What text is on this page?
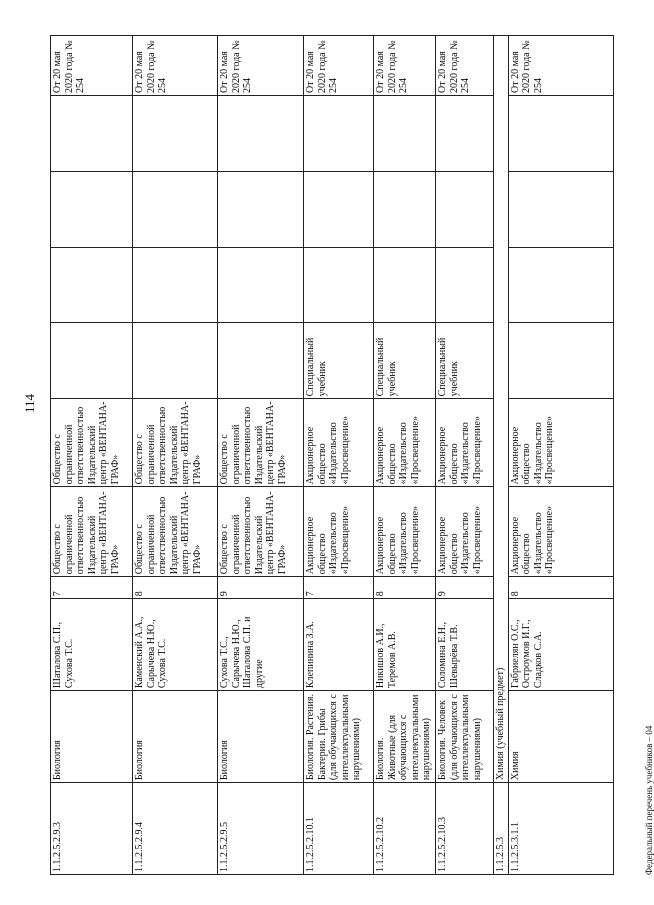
114
1.1.2.5.2.9.3	Биология	Шаталова С.П., Сухова Т.С.	7	Общество с ограниченной ответственностью Издательский центр «ВЕНТАНА-ГРАФ»	Общество с ограниченной ответственностью Издательский центр «ВЕНТАНА-ГРАФ»					От 20 мая 2020 года № 254
1.1.2.5.2.9.4	Биология	Каменский А.А., Сарычева Н.Ю., Сухова Т.С.	8	Общество с ограниченной ответственностью Издательский центр «ВЕНТАНА-ГРАФ»	Общество с ограниченной ответственностью Издательский центр «ВЕНТАНА-ГРАФ»					От 20 мая 2020 года № 254
1.1.2.5.2.9.5	Биология	Сухова Т.С., Сарычева Н.Ю., Шаталова С.П. и другие	9	Общество с ограниченной ответственностью Издательский центр «ВЕНТАНА-ГРАФ»	Общество с ограниченной ответственностью Издательский центр «ВЕНТАНА-ГРАФ»					От 20 мая 2020 года № 254
1.1.2.5.2.10.1	Биология. Растения. Бактерии. Грибы (для обучающихся с интеллектуальными нарушениями)	Клепинина З.А.	7	Акционерное общество «Издательство «Просвещение»	Акционерное общество «Издательство «Просвещение»	Специальный учебник				От 20 мая 2020 года № 254
1.1.2.5.2.10.2	Биология. Животные (для обучающихся с интеллектуальными нарушениями)	Никишов А.И., Теремов А.В.	8	Акционерное общество «Издательство «Просвещение»	Акционерное общество «Издательство «Просвещение»	Специальный учебник				От 20 мая 2020 года № 254
1.1.2.5.2.10.3	Биология. Человек (для обучающихся с интеллектуальными нарушениями)	Соломина Е.Н., Шевырёва Т.В.	9	Акционерное общество «Издательство «Просвещение»	Акционерное общество «Издательство «Просвещение»	Специальный учебник				От 20 мая 2020 года № 254
1.1.2.5.3	Химия (учебный предмет)									
1.1.2.5.3.1.1	Химия	Габриелян О.С., Остроумов И.Г., Сладков С.А.	8	Акционерное общество «Издательство «Просвещение»	Акционерное общество «Издательство «Просвещение»					От 20 мая 2020 года № 254
Федеральный перечень учебников – 04
